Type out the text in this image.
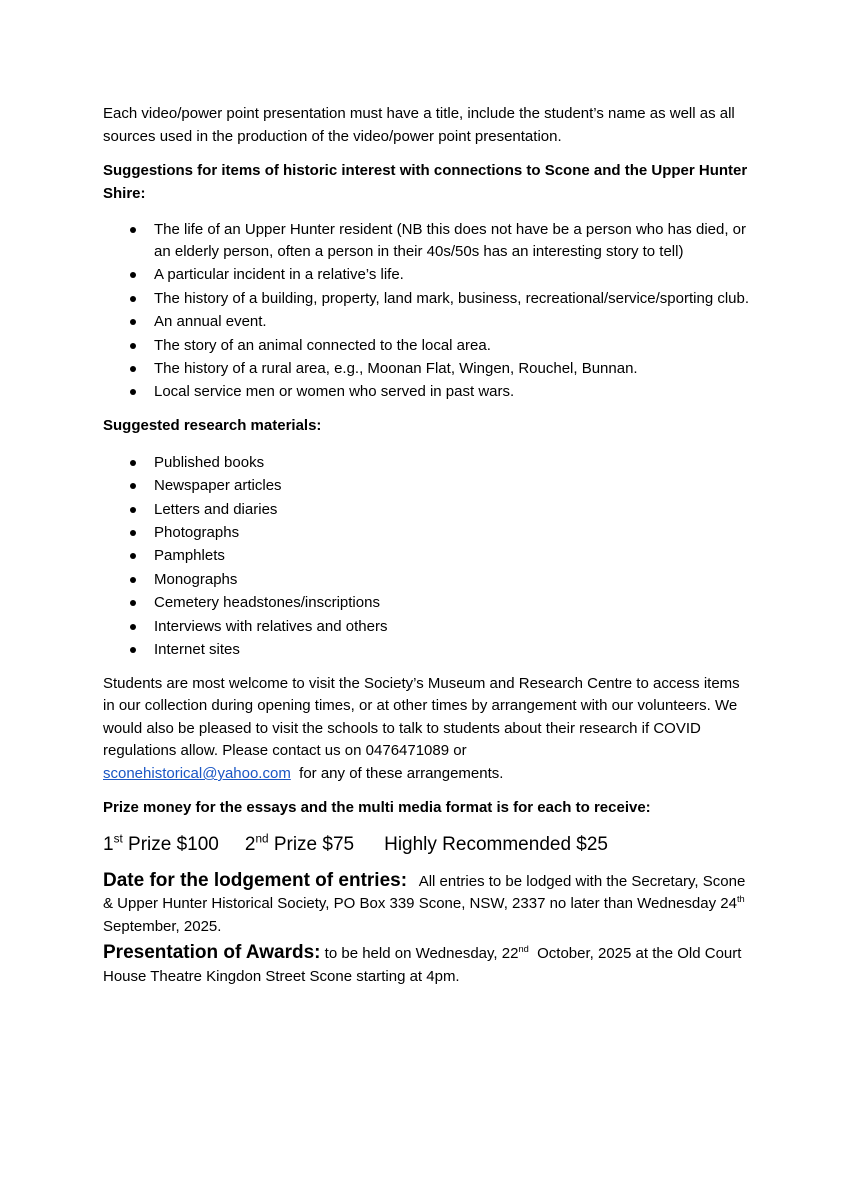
Each video/power point presentation must have a title, include the student’s name as well as all sources used in the production of the video/power point presentation.

Suggestions for items of historic interest with connections to Scone and the Upper Hunter Shire:

The life of an Upper Hunter resident (NB this does not have be a person who has died, or an elderly person, often a person in their 40s/50s has an interesting story to tell)
A particular incident in a relative’s life.
The history of a building, property, land mark, business, recreational/service/sporting club.
An annual event.
The story of an animal connected to the local area.
The history of a rural area, e.g., Moonan Flat, Wingen, Rouchel, Bunnan.
Local service men or women who served in past wars.

Suggested research materials:

Published books
Newspaper articles
Letters and diaries
Photographs
Pamphlets
Monographs
Cemetery headstones/inscriptions
Interviews with relatives and others
Internet sites

Students are most welcome to visit the Society’s Museum and Research Centre to access items in our collection during opening times, or at other times by arrangement with our volunteers. We would also be pleased to visit the schools to talk to students about their research if COVID regulations allow. Please contact us on 0476471089 or
sconehistorical@yahoo.com for any of these arrangements.

Prize money for the essays and the multi media format is for each to receive:

1st Prize $100 2nd Prize $75 Highly Recommended $25

Date for the lodgement of entries: All entries to be lodged with the Secretary, Scone & Upper Hunter Historical Society, PO Box 339 Scone, NSW, 2337 no later than Wednesday 24th September, 2025.

Presentation of Awards: to be held on Wednesday, 22nd October, 2025 at the Old Court House Theatre Kingdon Street Scone starting at 4pm.
